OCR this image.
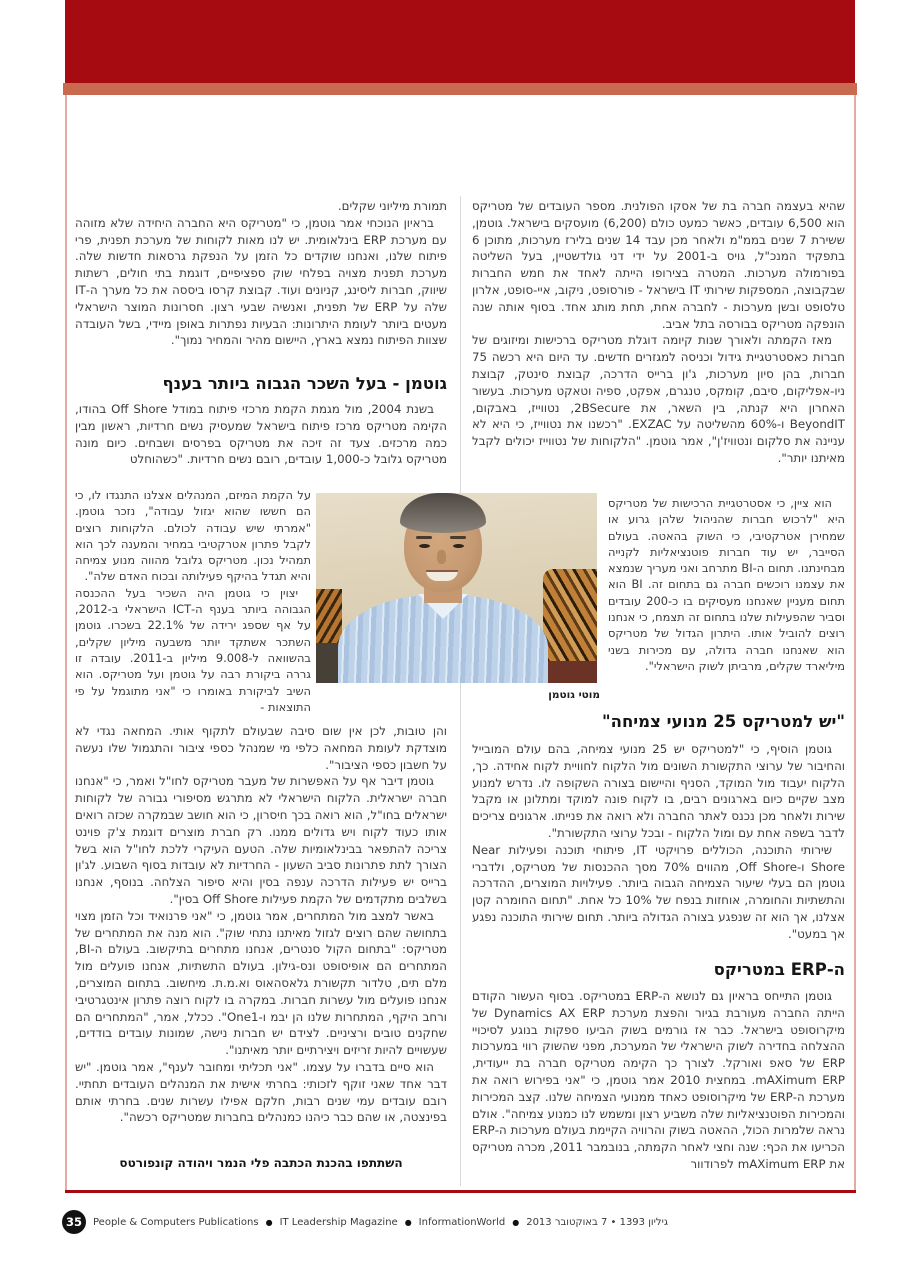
שהיא בעצמה חברה בת של אסקו הפולנית. מספר העובדים של מטריקס הוא 6,500 עובדים, כאשר כמעט כולם (6,200) מועסקים בישראל. גוטמן, ששירת 7 שנים בממ"מ ולאחר מכן עבד 14 שנים בלירז מערכות, מתוכן 6 בתפקיד המנכ"ל, גויס ב-2001 על ידי דני גולדשטיין, בעל השליטה בפורמולה מערכות. המטרה בצירופו הייתה לאחד את חמש החברות שבקבוצה, המספקות שירותי IT בישראל - פורסופט, ניקוב, איי-סופט, אלרון טלסופט ובשן מערכות - לחברה אחת, תחת מותג אחד. בסוף אותה שנה הונפקה מטריקס בבורסה בתל אביב.

מאז הקמתה ולאורך שנות קיומה דוגלת מטריקס ברכישות ומיזוגים של חברות כאסטרטגיית גידול וכניסה למגזרים חדשים. עד היום היא רכשה 75 חברות, בהן סיון מערכות, ג'ון ברייס הדרכה, קבוצת סינטק, קבוצת ניו-אפליקום, סיבם, קומקס, טנגרם, אפקט, ספיה וטאקט מערכות. בעשור האחרון היא קנתה, בין השאר, את 2BSecure, נטווייז, באבקום, BeyondIT ו-60% מהשליטה על EXZAC. "רכשנו את נטווייז, כי היא לא עניינה את סלקום ונטוויז'ן", אמר גוטמן. "הלקוחות של נטווייז יכולים לקבל מאיתנו יותר".

הוא ציין, כי אסטרטגיית הרכישות של מטריקס היא "לרכוש חברות שהניהול שלהן גרוע או שמחירן אטרקטיבי, כי השוק בהאטה. בעולם הסייבר, יש עוד חברות פוטנציאליות לקנייה מבחינתנו. תחום ה-BI מתרחב ואני מעריך שנמצא את עצמנו רוכשים חברה גם בתחום זה. BI הוא תחום מעניין שאנחנו מעסיקים בו כ-200 עובדים וסביר שהפעילות שלנו בתחום זה תצמח, כי אנחנו רוצים להוביל אותו. היתרון הגדול של מטריקס הוא שאנחנו חברה גדולה, עם מכירות בשני מיליארד שקלים, מרביתן לשוק הישראלי".

"יש למטריקס 25 מנועי צמיחה"

גוטמן הוסיף, כי "למטריקס יש 25 מנועי צמיחה, בהם עולם המובייל והחיבור של ערוצי התקשורת השונים מול הלקוח לחוויית לקוח אחידה. כך, הלקוח יעבוד מול המוקד, הסניף והיישום בצורה השקופה לו. נדרש למנוע מצב שקיים כיום בארגונים רבים, בו לקוח פונה למוקד ומתלונן או מקבל שירות ולאחר מכן נכנס לאתר החברה ולא רואה את פנייתו. ארגונים צריכים לדבר בשפה אחת עם ומול הלקוח - ובכל ערוצי התקשורת".

שירותי התוכנה, הכוללים פרויקטי IT, פיתוחי תוכנה ופעילות Near Shore ו-Off Shore, מהווים 70% מסך ההכנסות של מטריקס, ולדברי גוטמן הם בעלי שיעור הצמיחה הגבוה ביותר. פעילויות המוצרים, ההדרכה והתשתיות והחומרה, אוחזות בנפח של 10% כל אחת. "תחום החומרה קטן אצלנו, אך הוא זה שנפגע בצורה הגדולה ביותר. תחום שירותי התוכנה נפגע אך במעט".

ה-ERP במטריקס

גוטמן התייחס בראיון גם לנושא ה-ERP במטריקס. בסוף העשור הקודם הייתה החברה מעורבת בגיור והפצת מערכת Dynamics AX ERP של מיקרוסופט בישראל. כבר אז גורמים בשוק הביעו ספקות בנוגע לסיכויי ההצלחה בחדירה לשוק הישראלי של המערכת, מפני שהשוק רווי במערכות ERP של סאפ ואורקל. לצורך כך הקימה מטריקס חברה בת ייעודית, mAXimum ERP. במחצית 2010 אמר גוטמן, כי "אני בפירוש רואה את מערכת ה-ERP של מיקרוסופט כאחד ממנועי הצמיחה שלנו. קצב המכירות והמכירות הפוטנציאליות שלה משביע רצון ומשמש לנו כמנוע צמיחה". אולם נראה שלמרות הכול, ההאטה בשוק והרוויה הקיימת בעולם מערכות ה-ERP הכריעו את הכף: שנה וחצי לאחר הקמתה, בנובמבר 2011, מכרה מטריקס את mAXimum ERP לפרודוור

תמורת מיליוני שקלים.

בראיון הנוכחי אמר גוטמן, כי "מטריקס היא החברה היחידה שלא מזוהה עם מערכת ERP בינלאומית. יש לנו מאות לקוחות של מערכת תפנית, פרי פיתוח שלנו, ואנחנו שוקדים כל הזמן על הנפקת גרסאות חדשות שלה. מערכת תפנית מצויה בפלחי שוק ספציפיים, דוגמת בתי חולים, רשתות שיווק, חברות ליסינג, קניונים ועוד. קבוצת קרסו ביססה את כל מערך ה-IT שלה על ERP של תפנית, ואנשיה שבעי רצון. חסרונות המוצר הישראלי מעטים ביותר לעומת היתרונות: הבעיות נפתרות באופן מיידי, בשל העובדה שצוות הפיתוח נמצא בארץ, היישום מהיר והמחיר נמוך".

גוטמן - בעל השכר הגבוה ביותר בענף

בשנת 2004, מול מגמת הקמת מרכזי פיתוח במודל Off Shore בהודו, הקימה מטריקס מרכז פיתוח בישראל שמעסיק נשים חרדיות, ראשון מבין כמה מרכזים. צעד זה זיכה את מטריקס בפרסים ושבחים. כיום מונה מטריקס גלובל כ-1,000 עובדים, רובם נשים חרדיות. "כשהוחלט

על הקמת המיזם, המנהלים אצלנו התנגדו לו, כי הם חששו שהוא יגזול עבודה", נזכר גוטמן. "אמרתי שיש עבודה לכולם. הלקוחות רוצים לקבל פתרון אטרקטיבי במחיר והמענה לכך הוא תמהיל נכון. מטריקס גלובל מהווה מנוע צמיחה והיא תגדל בהיקף פעילותה ובכוח האדם שלה".

יצוין כי גוטמן היה השכיר בעל ההכנסה הגבוהה ביותר בענף ה-ICT הישראלי ב-2012, על אף שספג ירידה של 22.1% בשכרו. גוטמן השתכר אשתקד יותר משבעה מיליון שקלים, בהשוואה ל-9.008 מיליון ב-2011. עובדה זו גררה ביקורת רבה על גוטמן ועל מטריקס. הוא השיב לביקורת באומרו כי "אני מתוגמל על פי התוצאות -

והן טובות, לכן אין שום סיבה שבעולם לתקוף אותי. המחאה נגדי לא מוצדקת לעומת המחאה כלפי מי שמנהל כספי ציבור והתגמול שלו נעשה על חשבון כספי הציבור".

גוטמן דיבר אף על האפשרות של מעבר מטריקס לחו"ל ואמר, כי "אנחנו חברה ישראלית. הלקוח הישראלי לא מתרגש מסיפורי גבורה של לקוחות ישראלים בחו"ל, הוא רואה בכך חיסרון, כי הוא חושב שבמקרה שכזה רואים אותו כעוד לקוח ויש גדולים ממנו. רק חברת מוצרים דוגמת צ'ק פוינט צריכה להתפאר בבינלאומיות שלה. הטעם העיקרי ללכת לחו"ל הוא בשל הצורך לתת פתרונות סביב השעון - החרדיות לא עובדות בסוף השבוע. לג'ון ברייס יש פעילות הדרכה ענפה בסין והיא סיפור הצלחה. בנוסף, אנחנו בשלבים מתקדמים של הקמת פעילות Off Shore בסין".

באשר למצב מול המתחרים, אמר גוטמן, כי "אני פרנואיד וכל הזמן מצוי בתחושה שהם רוצים לגזול מאיתנו נתחי שוק". הוא מנה את המתחרים של מטריקס: "בתחום הקול סנטרים, אנחנו מתחרים בתיקשוב. בעולם ה-BI, המתחרים הם אופיסופט ונס-גילון. בעולם התשתיות, אנחנו פועלים מול מלם תים, טלדור תקשורת גלאסהאוס וא.מ.ת. מיחשוב. בתחום המוצרים, אנחנו פועלים מול עשרות חברות. במקרה בו לקוח רוצה פתרון אינטגרטיבי ורחב היקף, המתחרות שלנו הן יבמ ו-One1". ככלל, אמר, "המתחרים הם שחקנים טובים ורציניים. לצידם יש חברות נישה, שמונות עובדים בודדים, שעשויים להיות זריזים ויצירתיים יותר מאיתנו".

הוא סיים בדברו על עצמו. "אני תכליתי ומחובר לענף", אמר גוטמן. "יש דבר אחד שאני זוקף לזכותי: בחרתי אישית את המנהלים העובדים תחתיי. רובם עובדים עמי שנים רבות, חלקם אפילו עשרות שנים. בחרתי אותם בפינצטה, או שהם כבר כיהנו כמנהלים בחברות שמטריקס רכשה".

השתתפו בהכנת הכתבה פלי הנמר ויהודה קונפורטס
מוטי גוטמן
35	People & Computers Publications ● IT Leadership Magazine ● InformationWorld ● גיליון 1393 • 7 באוקטובר 2013
